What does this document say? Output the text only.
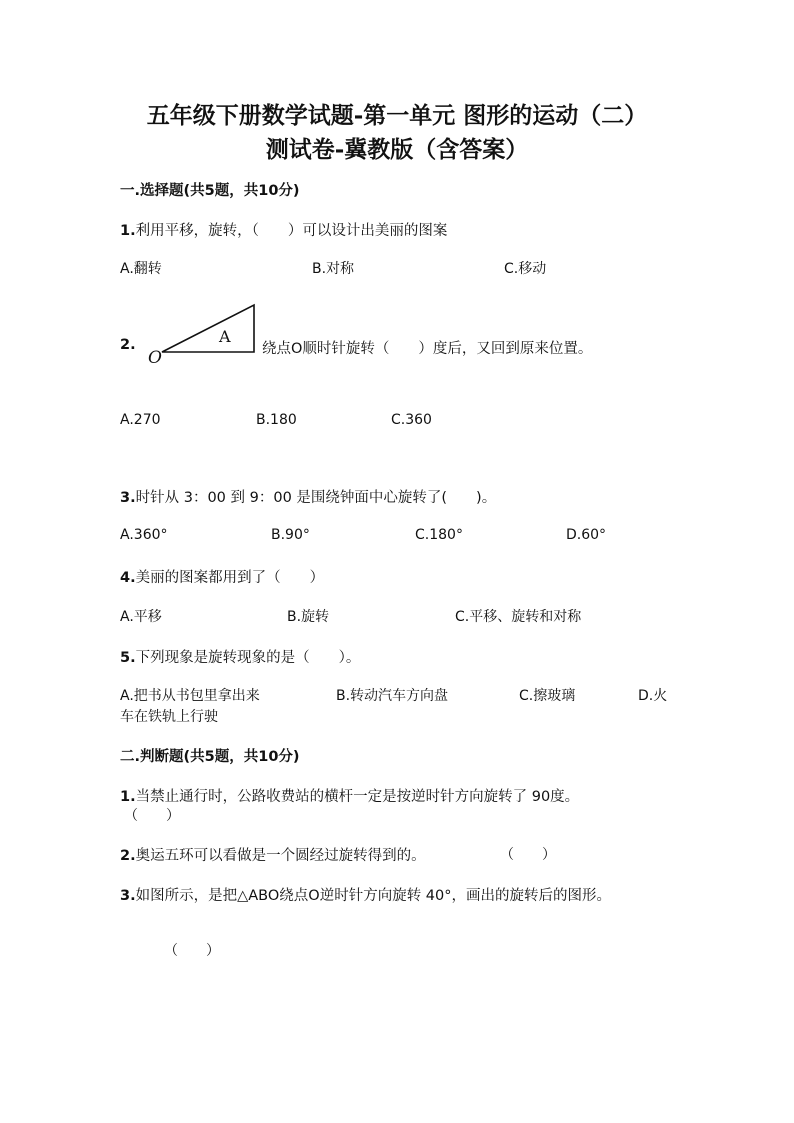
五年级下册数学试题-第一单元 图形的运动（二）
测试卷-冀教版（含答案）
一.选择题(共5题，共10分)
1.利用平移，旋转，（　　）可以设计出美丽的图案
A.翻转	B.对称	C.移动
2.
O
A
绕点O顺时针旋转（　　）度后，又回到原来位置。
A.270	B.180	C.360
3.时针从 3：00 到 9：00 是围绕钟面中心旋转了(　　)。
A.360°	B.90°	C.180°	D.60°
4.美丽的图案都用到了（　　）
A.平移	B.旋转	C.平移、旋转和对称
5.下列现象是旋转现象的是（　　）。
A.把书从书包里拿出来	B.转动汽车方向盘	C.擦玻璃	D.火
车在铁轨上行驶
二.判断题(共5题，共10分)
1.当禁止通行时，公路收费站的横杆一定是按逆时针方向旋转了 90度。
（　　）
2.奥运五环可以看做是一个圆经过旋转得到的。	（　　）
3.如图所示，是把△ABO绕点O逆时针方向旋转 40°，画出的旋转后的图形。
（　　）
